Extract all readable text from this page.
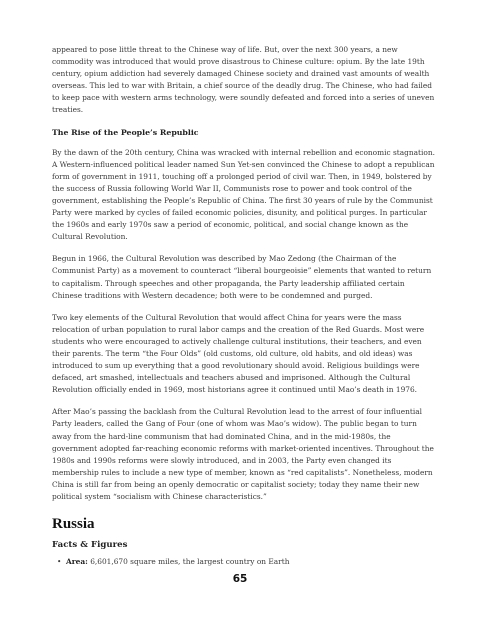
appeared to pose little threat to the Chinese way of life. But, over the next 300 years, a new commodity was introduced that would prove disastrous to Chinese culture: opium. By the late 19th century, opium addiction had severely damaged Chinese society and drained vast amounts of wealth overseas. This led to war with Britain, a chief source of the deadly drug. The Chinese, who had failed to keep pace with western arms technology, were soundly defeated and forced into a series of uneven treaties.

The Rise of the People’s Republic

By the dawn of the 20th century, China was wracked with internal rebellion and economic stagnation. A Western-influenced political leader named Sun Yet-sen convinced the Chinese to adopt a republican form of government in 1911, touching off a prolonged period of civil war. Then, in 1949, bolstered by the success of Russia following World War II, Communists rose to power and took control of the government, establishing the People’s Republic of China. The first 30 years of rule by the Communist Party were marked by cycles of failed economic policies, disunity, and political purges. In particular the 1960s and early 1970s saw a period of economic, political, and social change known as the Cultural Revolution.

Begun in 1966, the Cultural Revolution was described by Mao Zedong (the Chairman of the Communist Party) as a movement to counteract “liberal bourgeoisie” elements that wanted to return to capitalism. Through speeches and other propaganda, the Party leadership affiliated certain Chinese traditions with Western decadence; both were to be condemned and purged.

Two key elements of the Cultural Revolution that would affect China for years were the mass relocation of urban population to rural labor camps and the creation of the Red Guards. Most were students who were encouraged to actively challenge cultural institutions, their teachers, and even their parents. The term “the Four Olds” (old customs, old culture, old habits, and old ideas) was introduced to sum up everything that a good revolutionary should avoid. Religious buildings were defaced, art smashed, intellectuals and teachers abused and imprisoned. Although the Cultural Revolution officially ended in 1969, most historians agree it continued until Mao’s death in 1976.

After Mao’s passing the backlash from the Cultural Revolution lead to the arrest of four influential Party leaders, called the Gang of Four (one of whom was Mao’s widow). The public began to turn away from the hard-line communism that had dominated China, and in the mid-1980s, the government adopted far-reaching economic reforms with market-oriented incentives. Throughout the 1980s and 1990s reforms were slowly introduced, and in 2003, the Party even changed its membership rules to include a new type of member, known as “red capitalists”. Nonetheless, modern China is still far from being an openly democratic or capitalist society; today they name their new political system “socialism with Chinese characteristics.”

Russia
Facts & Figures
• Area: 6,601,670 square miles, the largest country on Earth
65
